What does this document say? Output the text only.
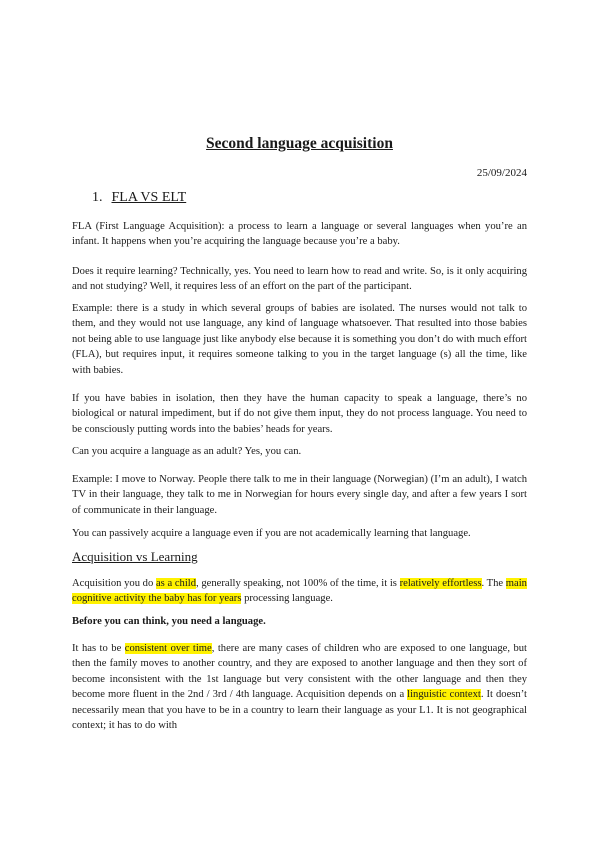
Second language acquisition
25/09/2024
1. FLA VS ELT

FLA (First Language Acquisition): a process to learn a language or several languages when you’re an infant. It happens when you’re acquiring the language because you’re a baby.

Does it require learning? Technically, yes. You need to learn how to read and write. So, is it only acquiring and not studying? Well, it requires less of an effort on the part of the participant.

Example: there is a study in which several groups of babies are isolated. The nurses would not talk to them, and they would not use language, any kind of language whatsoever. That resulted into those babies not being able to use language just like anybody else because it is something you don’t do with much effort (FLA), but requires input, it requires someone talking to you in the target language (s) all the time, like with babies.

If you have babies in isolation, then they have the human capacity to speak a language, there’s no biological or natural impediment, but if do not give them input, they do not process language. You need to be consciously putting words into the babies’ heads for years.

Can you acquire a language as an adult? Yes, you can.

Example: I move to Norway. People there talk to me in their language (Norwegian) (I’m an adult), I watch TV in their language, they talk to me in Norwegian for hours every single day, and after a few years I sort of communicate in their language.

You can passively acquire a language even if you are not academically learning that language.

Acquisition vs Learning

Acquisition you do as a child, generally speaking, not 100% of the time, it is relatively effortless. The main cognitive activity the baby has for years processing language.

Before you can think, you need a language.

It has to be consistent over time, there are many cases of children who are exposed to one language, but then the family moves to another country, and they are exposed to another language and then they sort of become inconsistent with the 1st language but very consistent with the other language and then they become more fluent in the 2nd / 3rd / 4th language. Acquisition depends on a linguistic context. It doesn’t necessarily mean that you have to be in a country to learn their language as your L1. It is not geographical context; it has to do with
